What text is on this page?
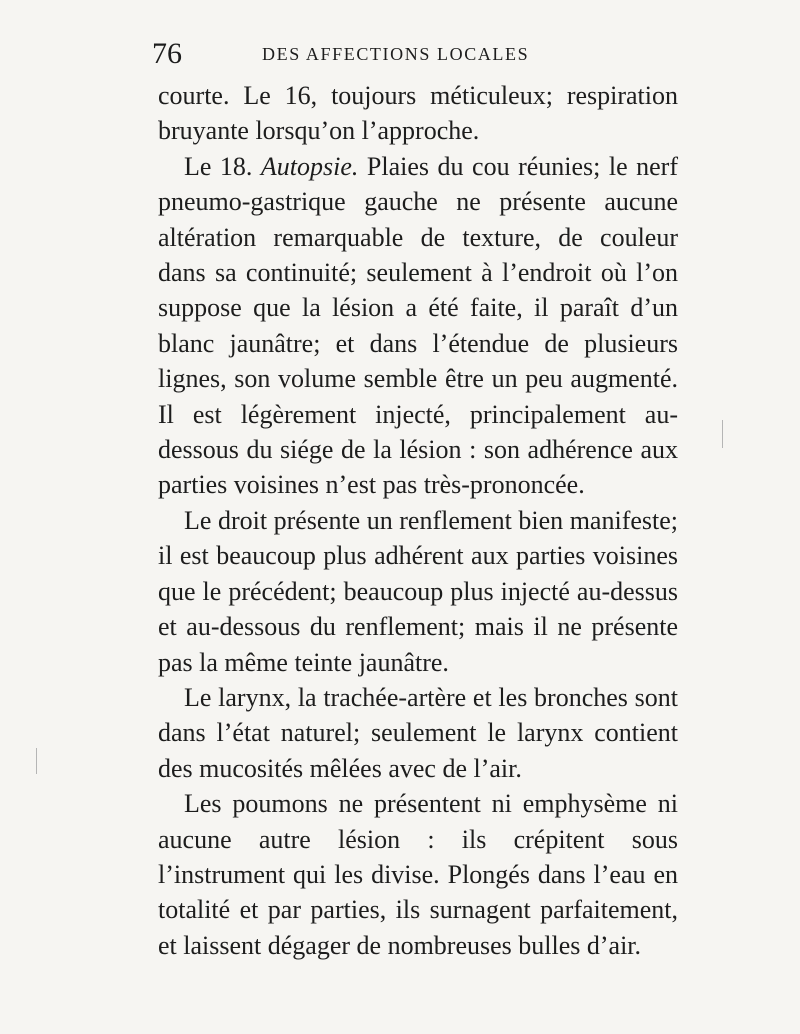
76	DES AFFECTIONS LOCALES

courte. Le 16, toujours méticuleux; respiration bruyante lorsqu’on l’approche.

Le 18. Autopsie. Plaies du cou réunies; le nerf pneumo-gastrique gauche ne présente aucune altération remarquable de texture, de couleur dans sa continuité; seulement à l’endroit où l’on suppose que la lésion a été faite, il paraît d’un blanc jaunâtre; et dans l’étendue de plusieurs lignes, son volume semble être un peu augmenté. Il est légèrement injecté, principalement au-dessous du siége de la lésion : son adhérence aux parties voisines n’est pas très-prononcée.

Le droit présente un renflement bien manifeste; il est beaucoup plus adhérent aux parties voisines que le précédent; beaucoup plus injecté au-dessus et au-dessous du renflement; mais il ne présente pas la même teinte jaunâtre.

Le larynx, la trachée-artère et les bronches sont dans l’état naturel; seulement le larynx contient des mucosités mêlées avec de l’air.

Les poumons ne présentent ni emphysème ni aucune autre lésion : ils crépitent sous l’instrument qui les divise. Plongés dans l’eau en totalité et par parties, ils surnagent parfaitement, et laissent dégager de nombreuses bulles d’air.
